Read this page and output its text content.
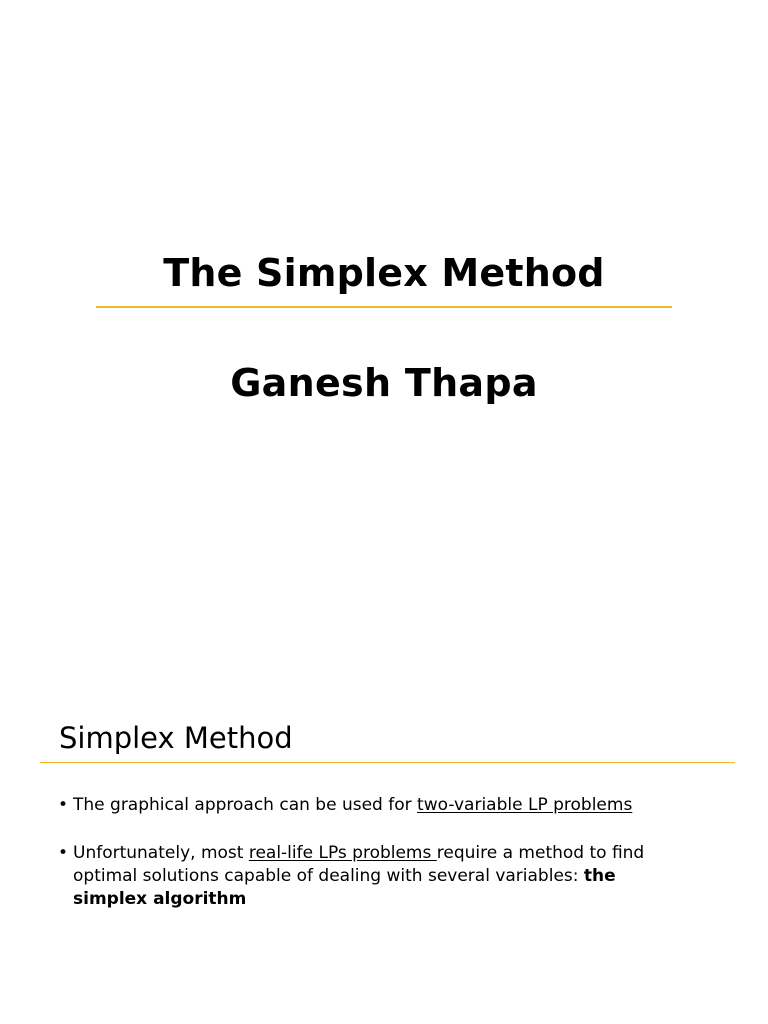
The Simplex Method
Ganesh Thapa
Simplex Method
• The graphical approach can be used for two-variable LP problems
• Unfortunately, most real-life LPs problems require a method to find optimal solutions capable of dealing with several variables: the simplex algorithm
